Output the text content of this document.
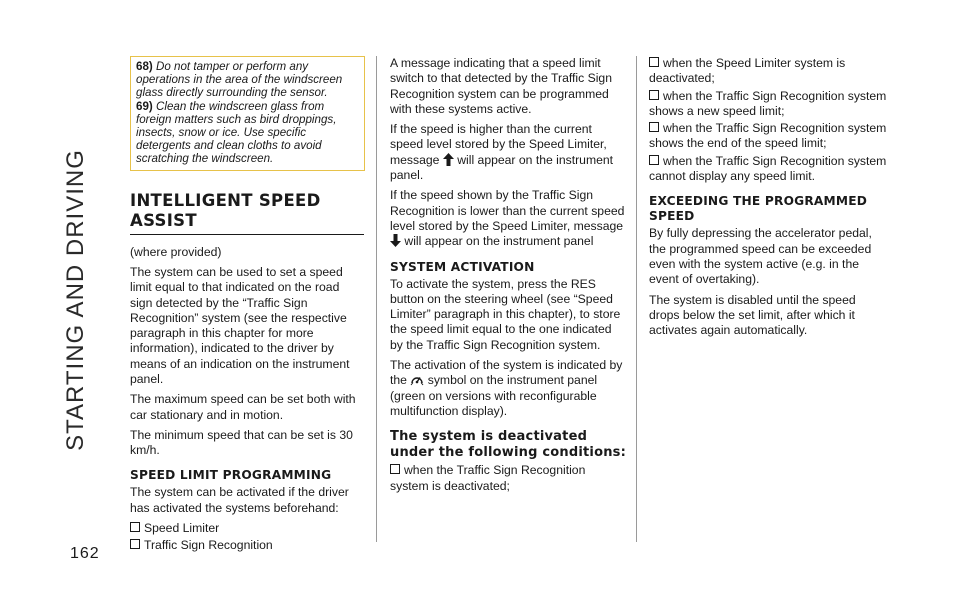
STARTING AND DRIVING
162
68) Do not tamper or perform any operations in the area of the windscreen glass directly surrounding the sensor.
69) Clean the windscreen glass from foreign matters such as bird droppings, insects, snow or ice. Use specific detergents and clean cloths to avoid scratching the windscreen.
INTELLIGENT SPEED ASSIST

(where provided)

The system can be used to set a speed limit equal to that indicated on the road sign detected by the “Traffic Sign Recognition” system (see the respective paragraph in this chapter for more information), indicated to the driver by means of an indication on the instrument panel.

The maximum speed can be set both with car stationary and in motion.

The minimum speed that can be set is 30 km/h.

SPEED LIMIT PROGRAMMING

The system can be activated if the driver has activated the systems beforehand:

Speed Limiter
Traffic Sign Recognition

A message indicating that a speed limit switch to that detected by the Traffic Sign Recognition system can be programmed with these systems active.

If the speed is higher than the current speed level stored by the Speed Limiter, message will appear on the instrument panel.

If the speed shown by the Traffic Sign Recognition is lower than the current speed level stored by the Speed Limiter, message  will appear on the instrument panel

SYSTEM ACTIVATION

To activate the system, press the RES button on the steering wheel (see “Speed Limiter” paragraph in this chapter), to store the speed limit equal to the one indicated by the Traffic Sign Recognition system.

The activation of the system is indicated by the symbol on the instrument panel (green on versions with reconfigurable multifunction display).

The system is deactivated under the following conditions:
when the Traffic Sign Recognition system is deactivated;
when the Speed Limiter system is deactivated;
when the Traffic Sign Recognition system shows a new speed limit;
when the Traffic Sign Recognition system shows the end of the speed limit;
when the Traffic Sign Recognition system cannot display any speed limit.
EXCEEDING THE PROGRAMMED SPEED

By fully depressing the accelerator pedal, the programmed speed can be exceeded even with the system active (e.g. in the event of overtaking).

The system is disabled until the speed drops below the set limit, after which it activates again automatically.
